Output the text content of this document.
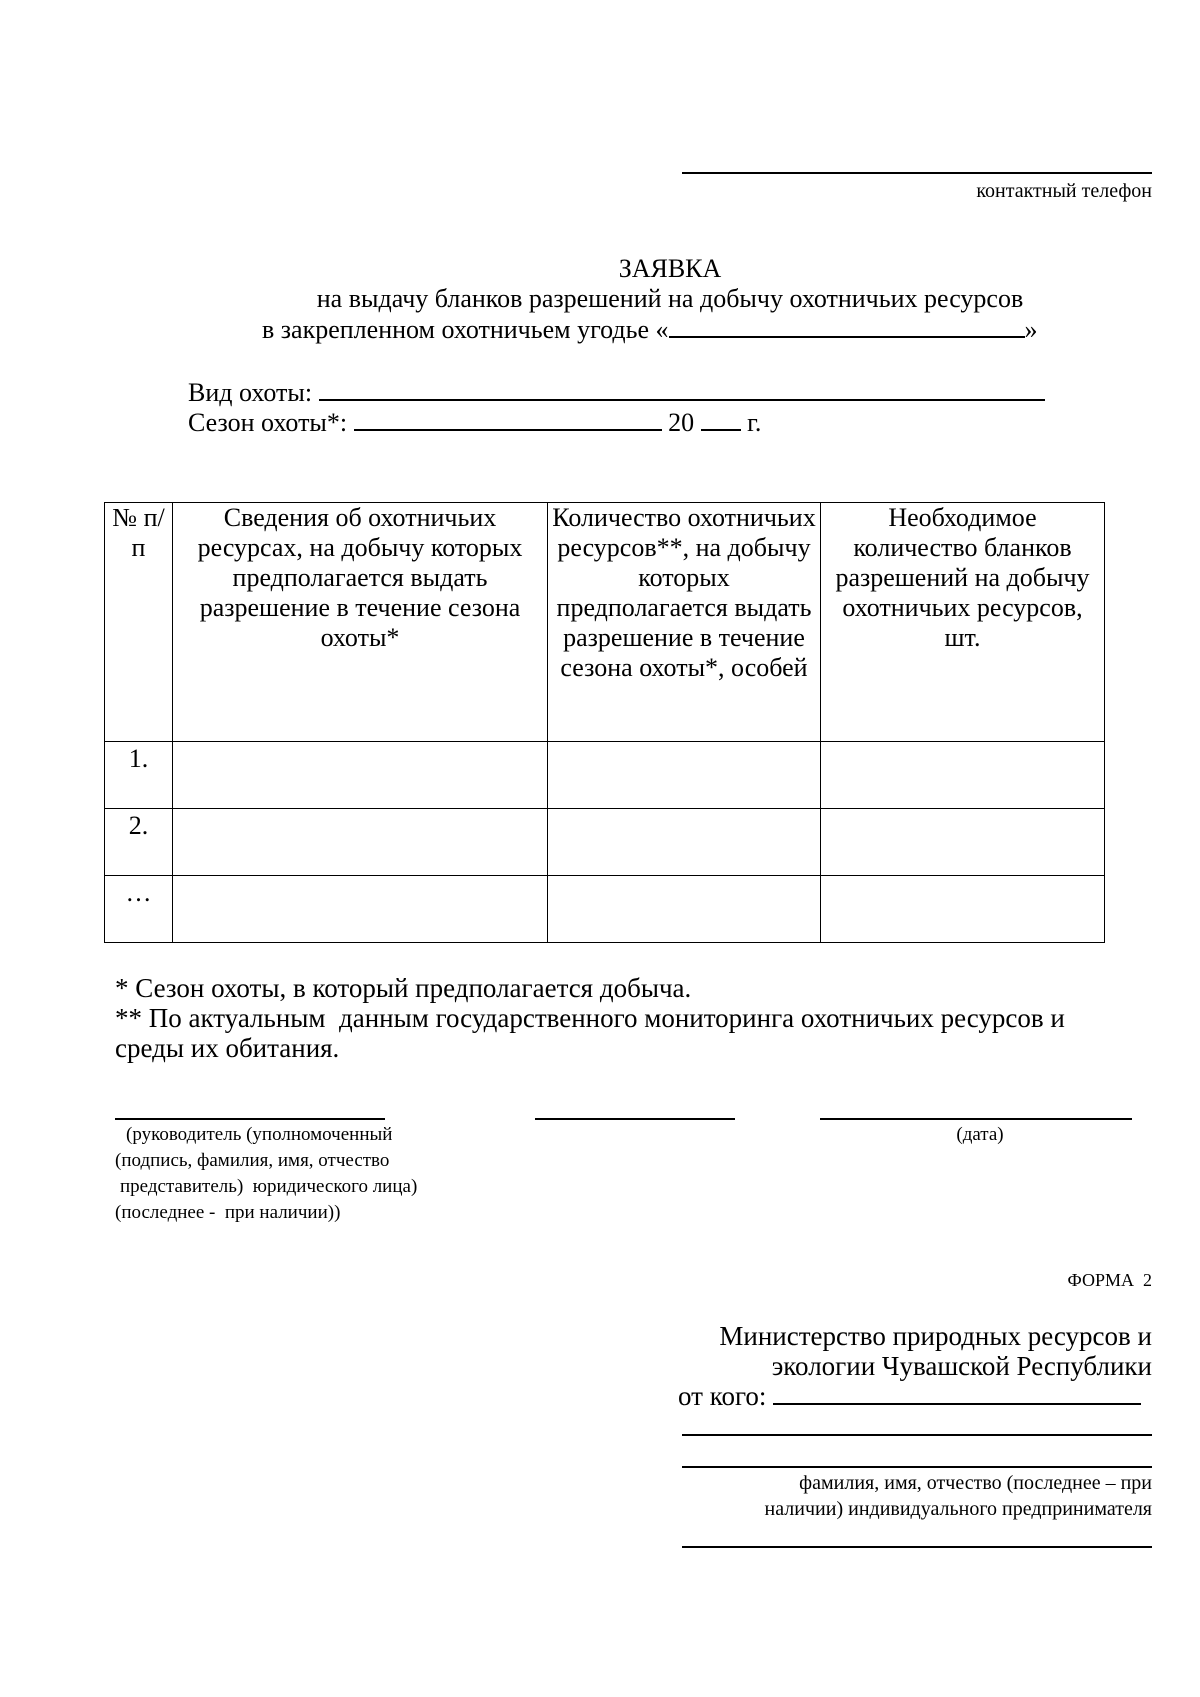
контактный телефон
ЗАЯВКА
на выдачу бланков разрешений на добычу охотничьих ресурсов
в закрепленном охотничьем угодье «	»
Вид охоты:
Сезон охоты*:	20 г.
№ п/п	Сведения об охотничьих ресурсах, на добычу которых предполагается выдать разрешение в течение сезона охоты*	Количество охотничьих ресурсов**, на добычу которых предполагается выдать разрешение в течение сезона охоты*, особей	Необходимое количество бланков разрешений на добычу охотничьих ресурсов, шт.
1.			
2.			
…			
* Сезон охоты, в который предполагается добыча.
** По актуальным  данным государственного мониторинга охотничьих ресурсов и
среды их обитания.
(руководитель (уполномоченный
(подпись, фамилия, имя, отчество
представитель)  юридического лица)
(последнее -  при наличии))
(дата)
ФОРМА  2
Министерство природных ресурсов и
экологии Чувашской Республики
от кого:
фамилия, имя, отчество (последнее – при
наличии) индивидуального предпринимателя
